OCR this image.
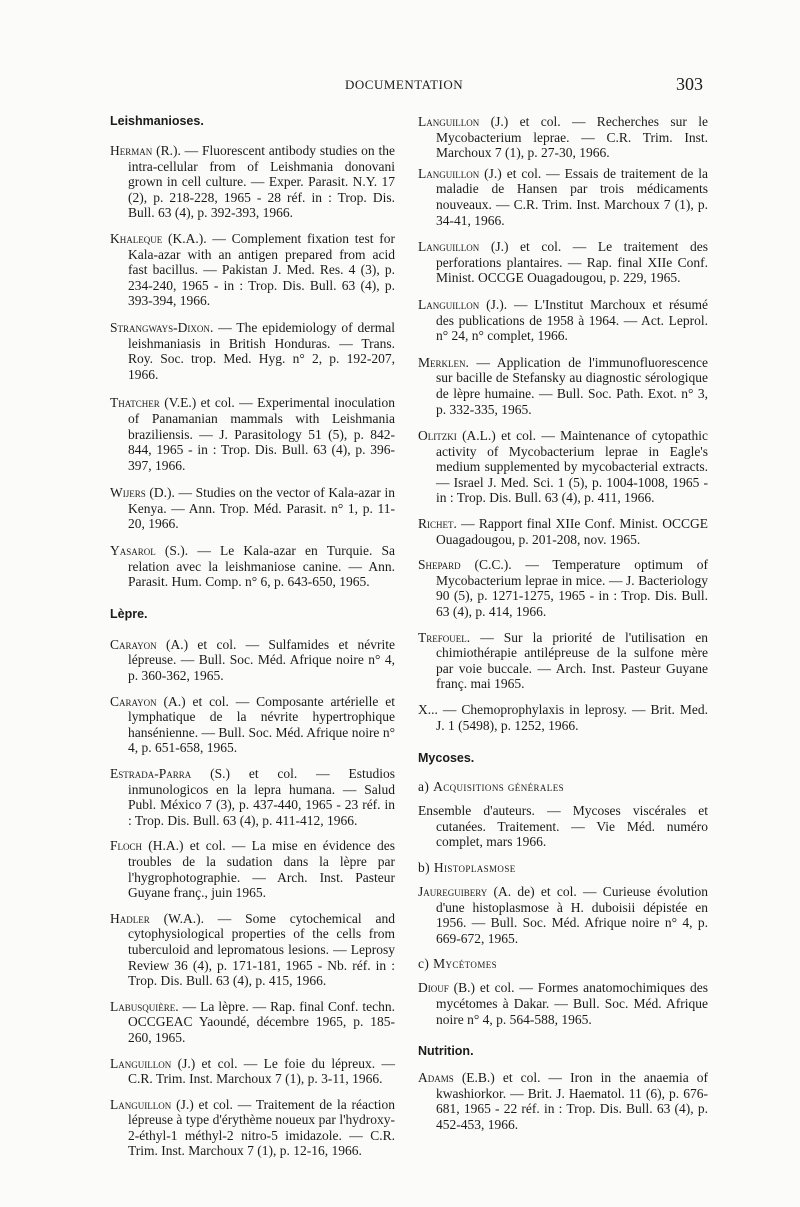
DOCUMENTATION	303

Leishmanioses.

Herman (R.). — Fluorescent antibody studies on the intra-cellular from of Leishmania donovani grown in cell culture. — Exper. Parasit. N.Y. 17 (2), p. 218-228, 1965 - 28 réf. in : Trop. Dis. Bull. 63 (4), p. 392-393, 1966.

Khaleque (K.A.). — Complement fixation test for Kala-azar with an antigen prepared from acid fast bacillus. — Pakistan J. Med. Res. 4 (3), p. 234-240, 1965 - in : Trop. Dis. Bull. 63 (4), p. 393-394, 1966.

Strangways-Dixon. — The epidemiology of dermal leishmaniasis in British Honduras. — Trans. Roy. Soc. trop. Med. Hyg. n° 2, p. 192-207, 1966.

Thatcher (V.E.) et col. — Experimental inoculation of Panamanian mammals with Leishmania braziliensis. — J. Parasitology 51 (5), p. 842-844, 1965 - in : Trop. Dis. Bull. 63 (4), p. 396-397, 1966.

Wijers (D.). — Studies on the vector of Kala-azar in Kenya. — Ann. Trop. Méd. Parasit. n° 1, p. 11-20, 1966.

Yasarol (S.). — Le Kala-azar en Turquie. Sa relation avec la leishmaniose canine. — Ann. Parasit. Hum. Comp. n° 6, p. 643-650, 1965.

Lèpre.

Carayon (A.) et col. — Sulfamides et névrite lépreuse. — Bull. Soc. Méd. Afrique noire n° 4, p. 360-362, 1965.

Carayon (A.) et col. — Composante artérielle et lymphatique de la névrite hypertrophique hansénienne. — Bull. Soc. Méd. Afrique noire n° 4, p. 651-658, 1965.

Estrada-Parra (S.) et col. — Estudios inmunologicos en la lepra humana. — Salud Publ. México 7 (3), p. 437-440, 1965 - 23 réf. in : Trop. Dis. Bull. 63 (4), p. 411-412, 1966.

Floch (H.A.) et col. — La mise en évidence des troubles de la sudation dans la lèpre par l'hygrophotographie. — Arch. Inst. Pasteur Guyane franç., juin 1965.

Hadler (W.A.). — Some cytochemical and cytophysiological properties of the cells from tuberculoid and lepromatous lesions. — Leprosy Review 36 (4), p. 171-181, 1965 - Nb. réf. in : Trop. Dis. Bull. 63 (4), p. 415, 1966.

Labusquière. — La lèpre. — Rap. final Conf. techn. OCCGEAC Yaoundé, décembre 1965, p. 185-260, 1965.

Languillon (J.) et col. — Le foie du lépreux. — C.R. Trim. Inst. Marchoux 7 (1), p. 3-11, 1966.

Languillon (J.) et col. — Traitement de la réaction lépreuse à type d'érythème noueux par l'hydroxy-2-éthyl-1 méthyl-2 nitro-5 imidazole. — C.R. Trim. Inst. Marchoux 7 (1), p. 12-16, 1966.

Languillon (J.) et col. — Recherches sur le Mycobacterium leprae. — C.R. Trim. Inst. Marchoux 7 (1), p. 27-30, 1966.

Languillon (J.) et col. — Essais de traitement de la maladie de Hansen par trois médicaments nouveaux. — C.R. Trim. Inst. Marchoux 7 (1), p. 34-41, 1966.

Languillon (J.) et col. — Le traitement des perforations plantaires. — Rap. final XIIe Conf. Minist. OCCGE Ouagadougou, p. 229, 1965.

Languillon (J.). — L'Institut Marchoux et résumé des publications de 1958 à 1964. — Act. Leprol. n° 24, n° complet, 1966.

Merklen. — Application de l'immunofluorescence sur bacille de Stefansky au diagnostic sérologique de lèpre humaine. — Bull. Soc. Path. Exot. n° 3, p. 332-335, 1965.

Olitzki (A.L.) et col. — Maintenance of cytopathic activity of Mycobacterium leprae in Eagle's medium supplemented by mycobacterial extracts. — Israel J. Med. Sci. 1 (5), p. 1004-1008, 1965 - in : Trop. Dis. Bull. 63 (4), p. 411, 1966.

Richet. — Rapport final XIIe Conf. Minist. OCCGE Ouagadougou, p. 201-208, nov. 1965.

Shepard (C.C.). — Temperature optimum of Mycobacterium leprae in mice. — J. Bacteriology 90 (5), p. 1271-1275, 1965 - in : Trop. Dis. Bull. 63 (4), p. 414, 1966.

Trefouel. — Sur la priorité de l'utilisation en chimiothérapie antilépreuse de la sulfone mère par voie buccale. — Arch. Inst. Pasteur Guyane franç. mai 1965.

X... — Chemoprophylaxis in leprosy. — Brit. Med. J. 1 (5498), p. 1252, 1966.

Mycoses.

a) Acquisitions générales

Ensemble d'auteurs. — Mycoses viscérales et cutanées. Traitement. — Vie Méd. numéro complet, mars 1966.

b) Histoplasmose

Jaureguibery (A. de) et col. — Curieuse évolution d'une histoplasmose à H. duboisii dépistée en 1956. — Bull. Soc. Méd. Afrique noire n° 4, p. 669-672, 1965.

c) Mycétomes

Diouf (B.) et col. — Formes anatomochimiques des mycétomes à Dakar. — Bull. Soc. Méd. Afrique noire n° 4, p. 564-588, 1965.

Nutrition.

Adams (E.B.) et col. — Iron in the anaemia of kwashiorkor. — Brit. J. Haematol. 11 (6), p. 676-681, 1965 - 22 réf. in : Trop. Dis. Bull. 63 (4), p. 452-453, 1966.
